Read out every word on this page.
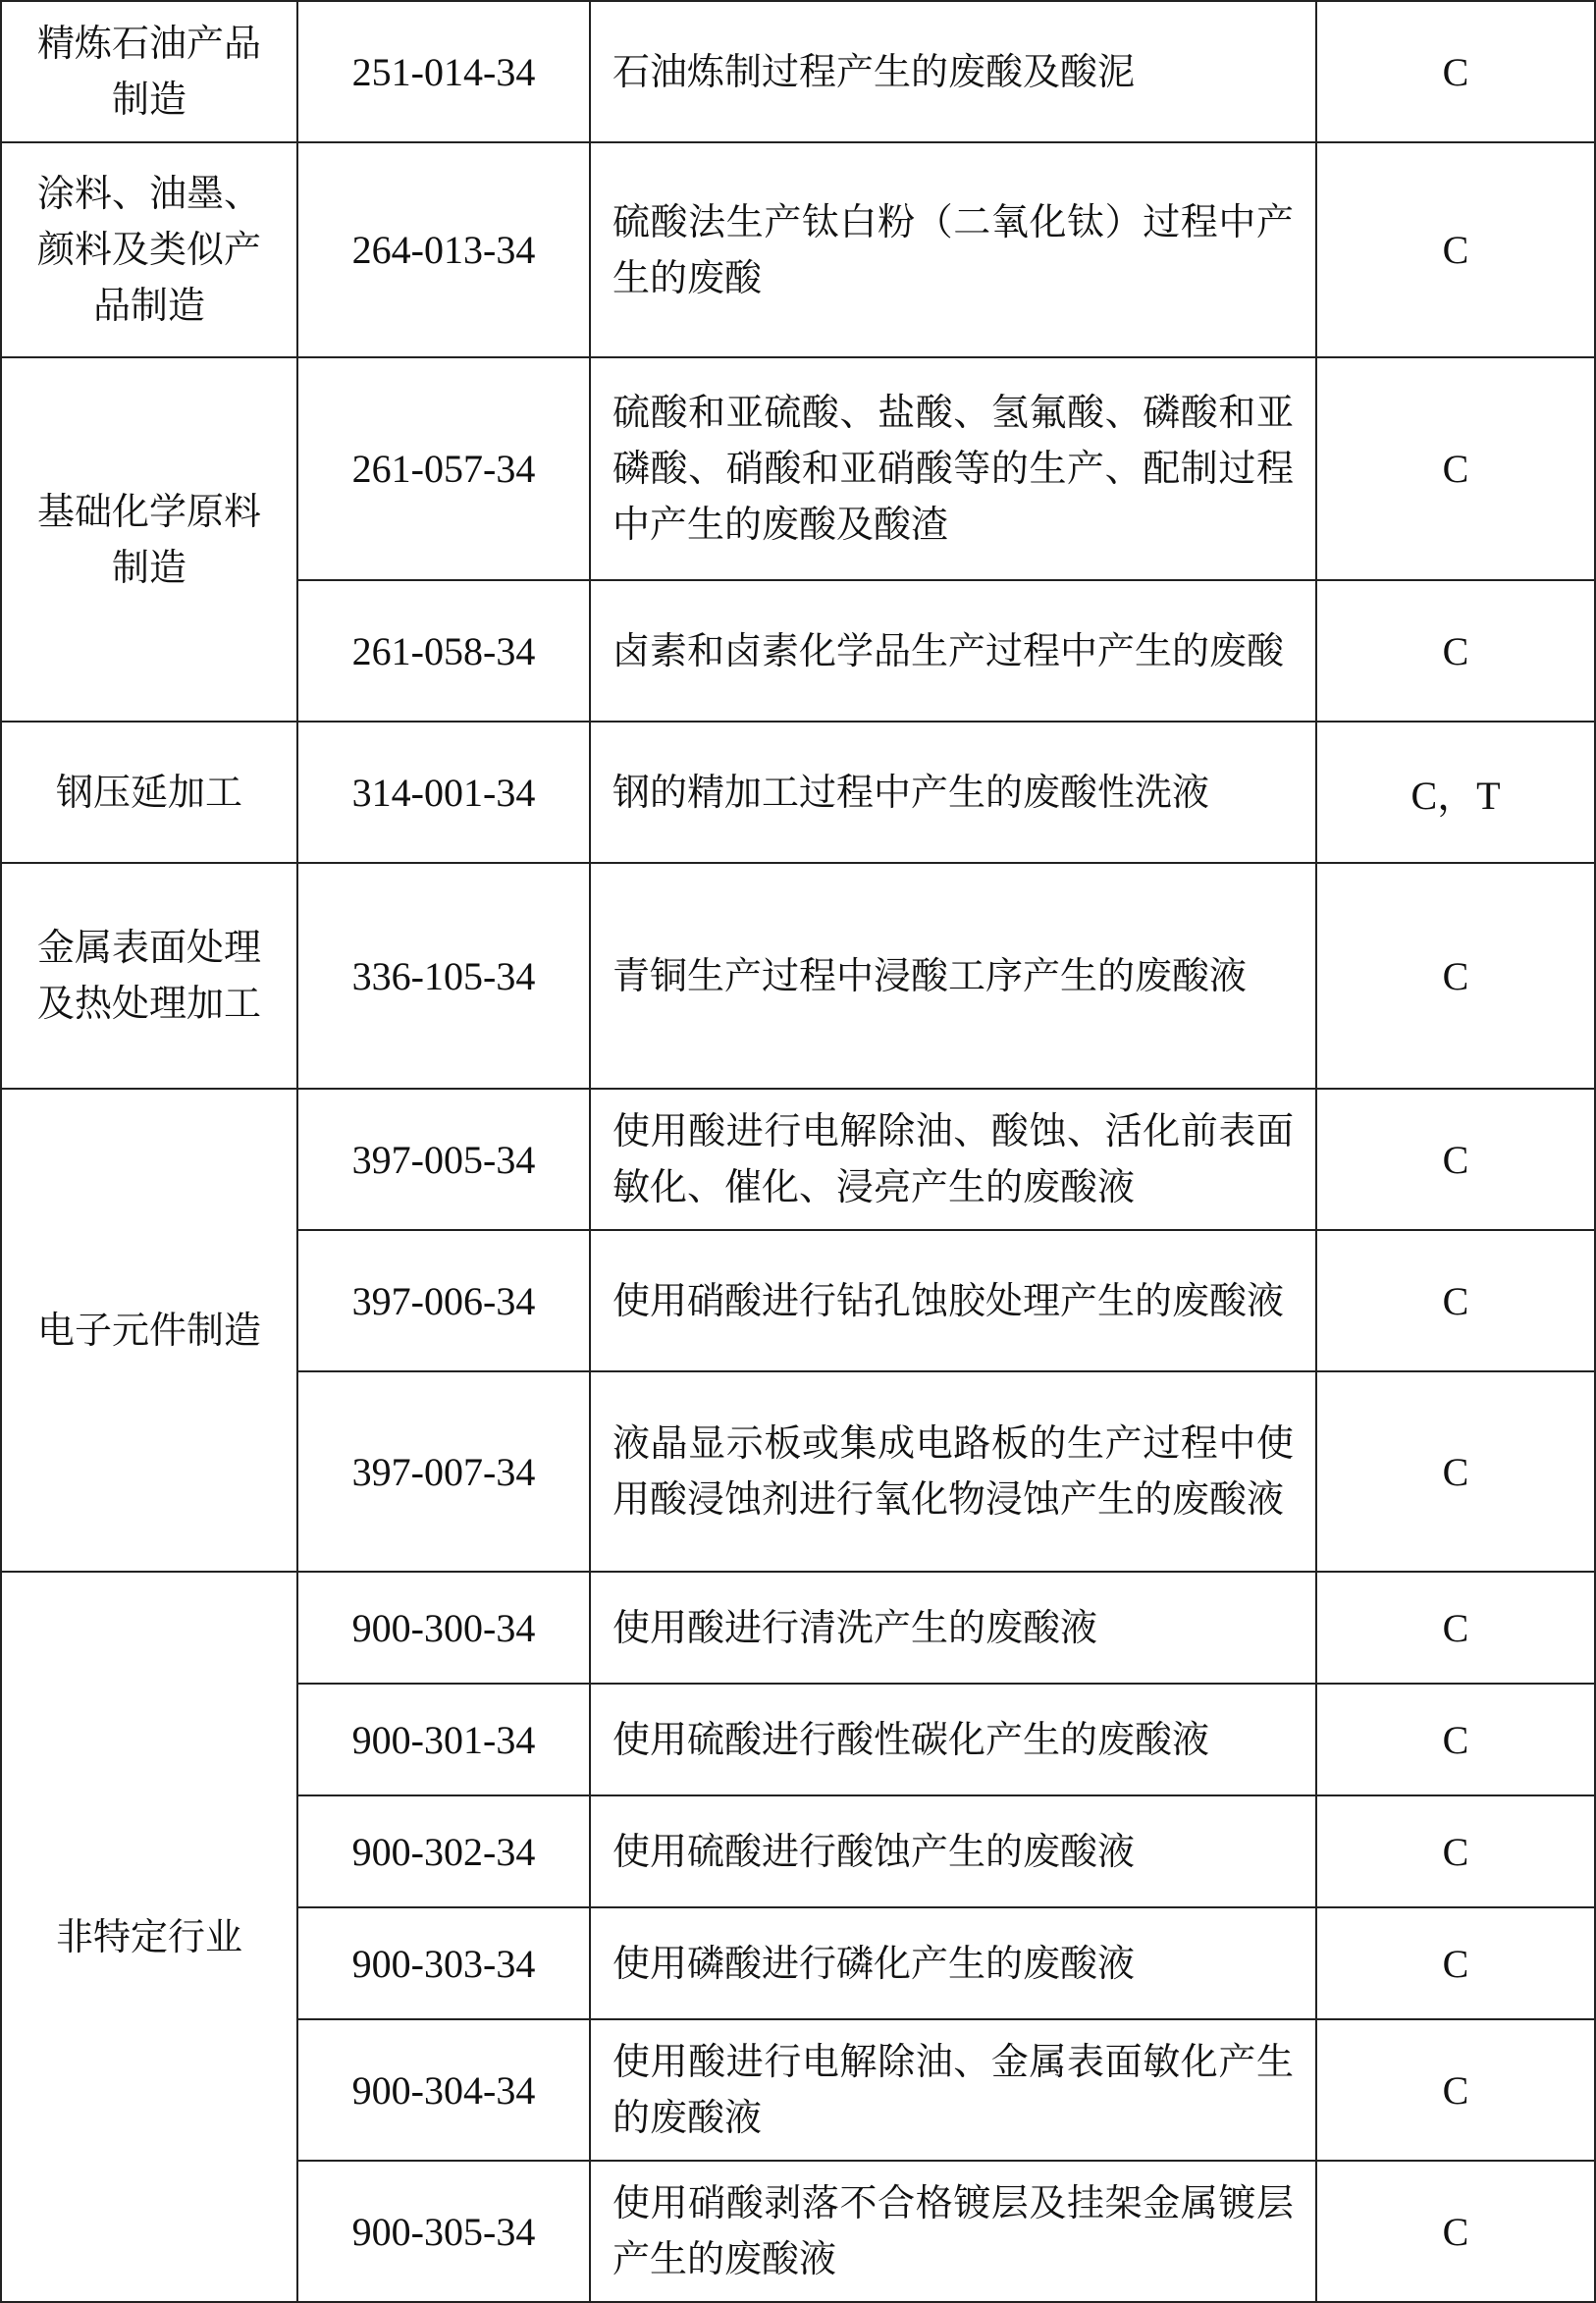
精炼石油产品制造	251-014-34	石油炼制过程产生的废酸及酸泥	C
涂料、油墨、颜料及类似产品制造	264-013-34	硫酸法生产钛白粉（二氧化钛）过程中产生的废酸	C
基础化学原料制造	261-057-34	硫酸和亚硫酸、盐酸、氢氟酸、磷酸和亚磷酸、硝酸和亚硝酸等的生产、配制过程中产生的废酸及酸渣	C
	261-058-34	卤素和卤素化学品生产过程中产生的废酸	C
钢压延加工	314-001-34	钢的精加工过程中产生的废酸性洗液	C，T
金属表面处理及热处理加工	336-105-34	青铜生产过程中浸酸工序产生的废酸液	C
电子元件制造	397-005-34	使用酸进行电解除油、酸蚀、活化前表面敏化、催化、浸亮产生的废酸液	C
	397-006-34	使用硝酸进行钻孔蚀胶处理产生的废酸液	C
	397-007-34	液晶显示板或集成电路板的生产过程中使用酸浸蚀剂进行氧化物浸蚀产生的废酸液	C
非特定行业	900-300-34	使用酸进行清洗产生的废酸液	C
	900-301-34	使用硫酸进行酸性碳化产生的废酸液	C
	900-302-34	使用硫酸进行酸蚀产生的废酸液	C
	900-303-34	使用磷酸进行磷化产生的废酸液	C
	900-304-34	使用酸进行电解除油、金属表面敏化产生的废酸液	C
	900-305-34	使用硝酸剥落不合格镀层及挂架金属镀层产生的废酸液	C
